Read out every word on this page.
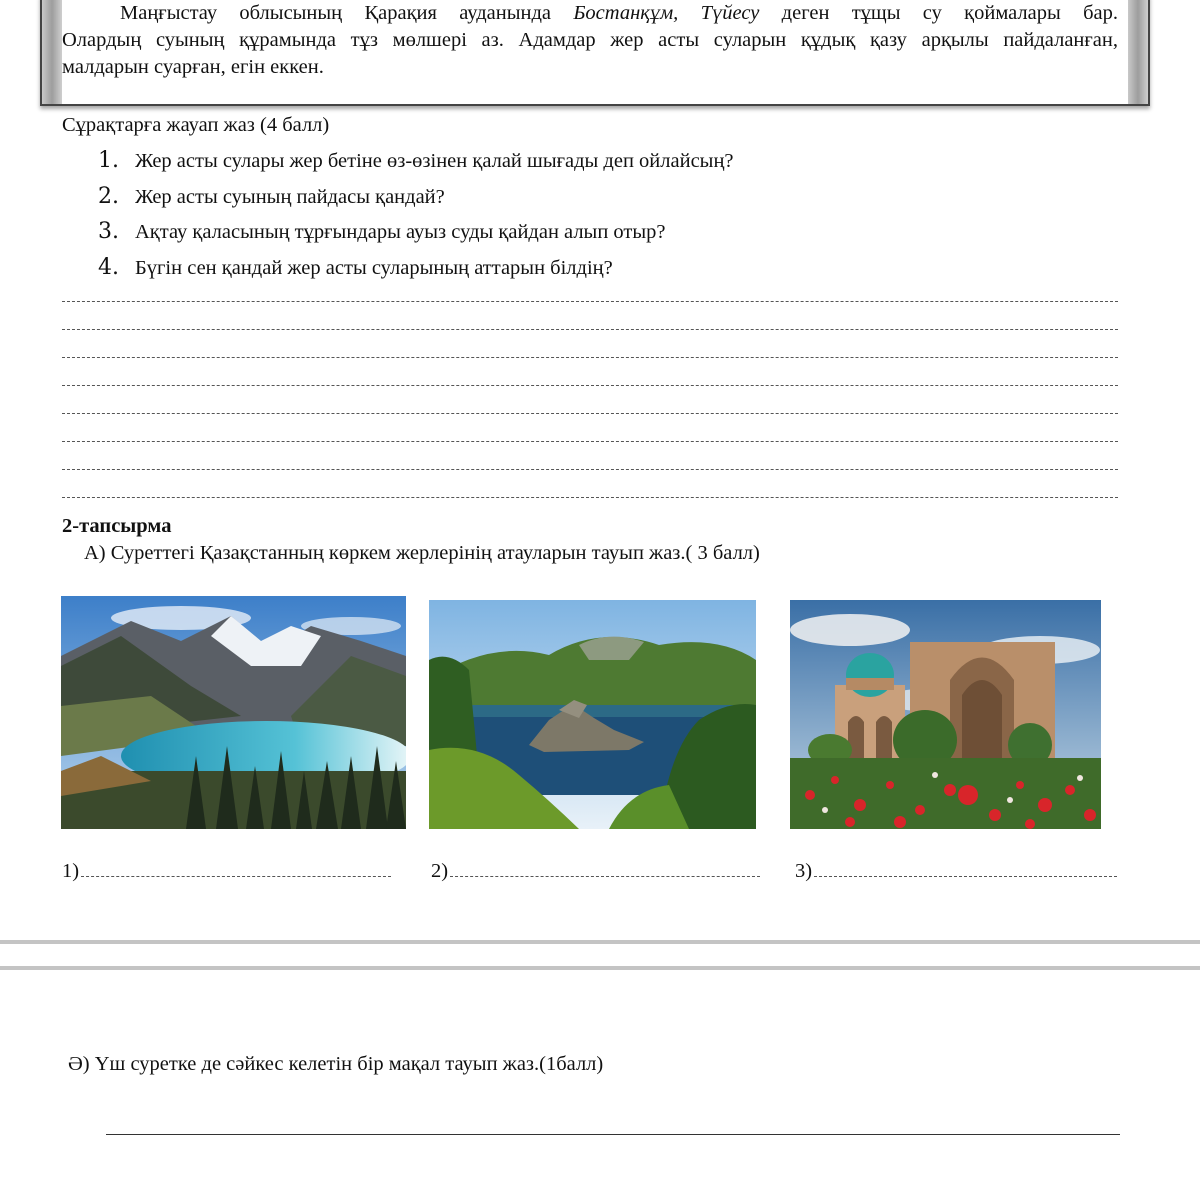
Маңғыстау облысының Қарақия ауданында Бостанқұм, Түйесу деген тұщы су қоймалары бар.
Олардың суының құрамында тұз мөлшері аз. Адамдар жер асты суларын құдық қазу арқылы пайдаланған,
малдарын суарған, егін еккен.
Сұрақтарға жауап жаз (4 балл)
1. Жер асты сулары жер бетіне өз-өзінен қалай шығады деп ойлайсың?
2. Жер асты суының пайдасы қандай?
3. Ақтау қаласының тұрғындары ауыз суды қайдан алып отыр?
4. Бүгін сен қандай жер асты суларының аттарын білдің?
2-тапсырма
А) Суреттегі Қазақстанның көркем жерлерінің атауларын тауып жаз.( 3 балл)
1)	2)	3)
Ә) Үш суретке де сәйкес келетін бір мақал тауып жаз.(1балл)
